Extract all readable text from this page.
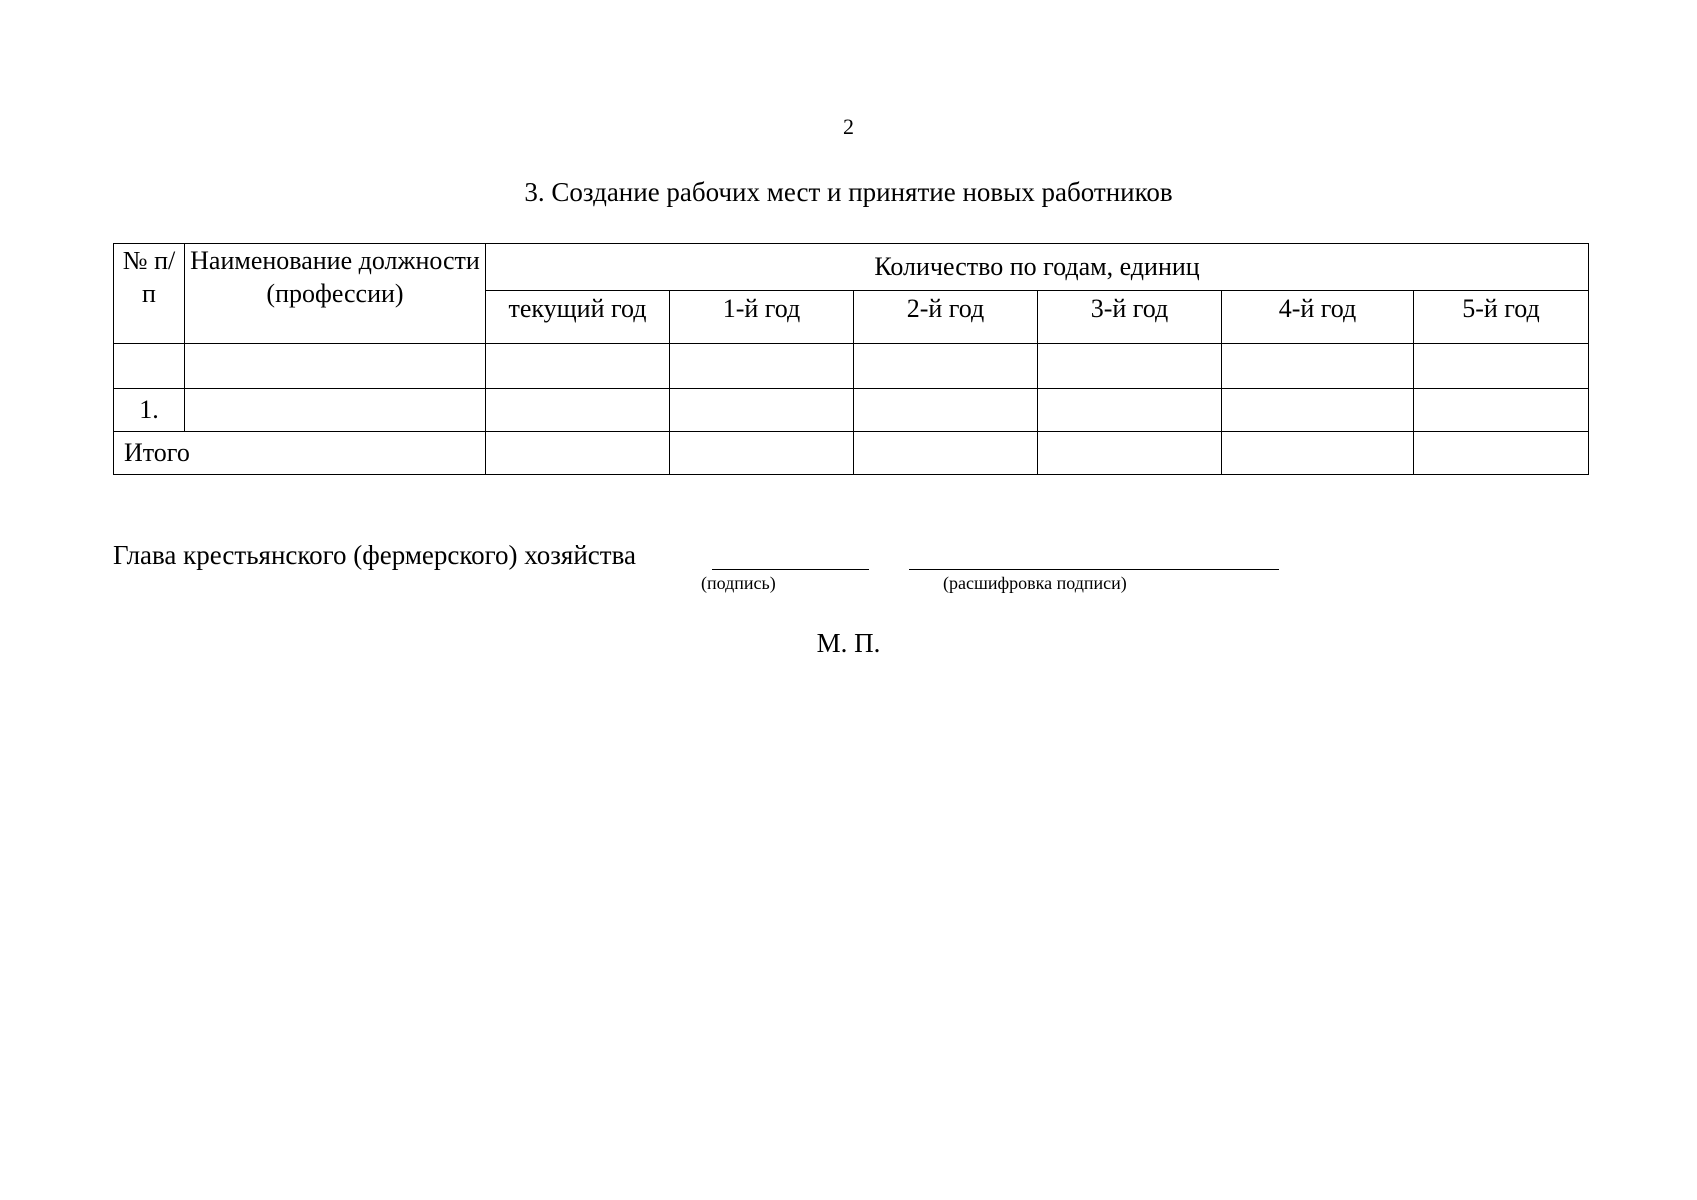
2
3. Создание рабочих мест и принятие новых работников
№ п/п	Наименование должности (профессии)	Количество по годам, единиц					
		текущий год	1-й год	2-й год	3-й год	4-й год	5-й год

1.							
Итого							
Глава крестьянского (фермерского) хозяйства
(подпись)	(расшифровка подписи)
М. П.
